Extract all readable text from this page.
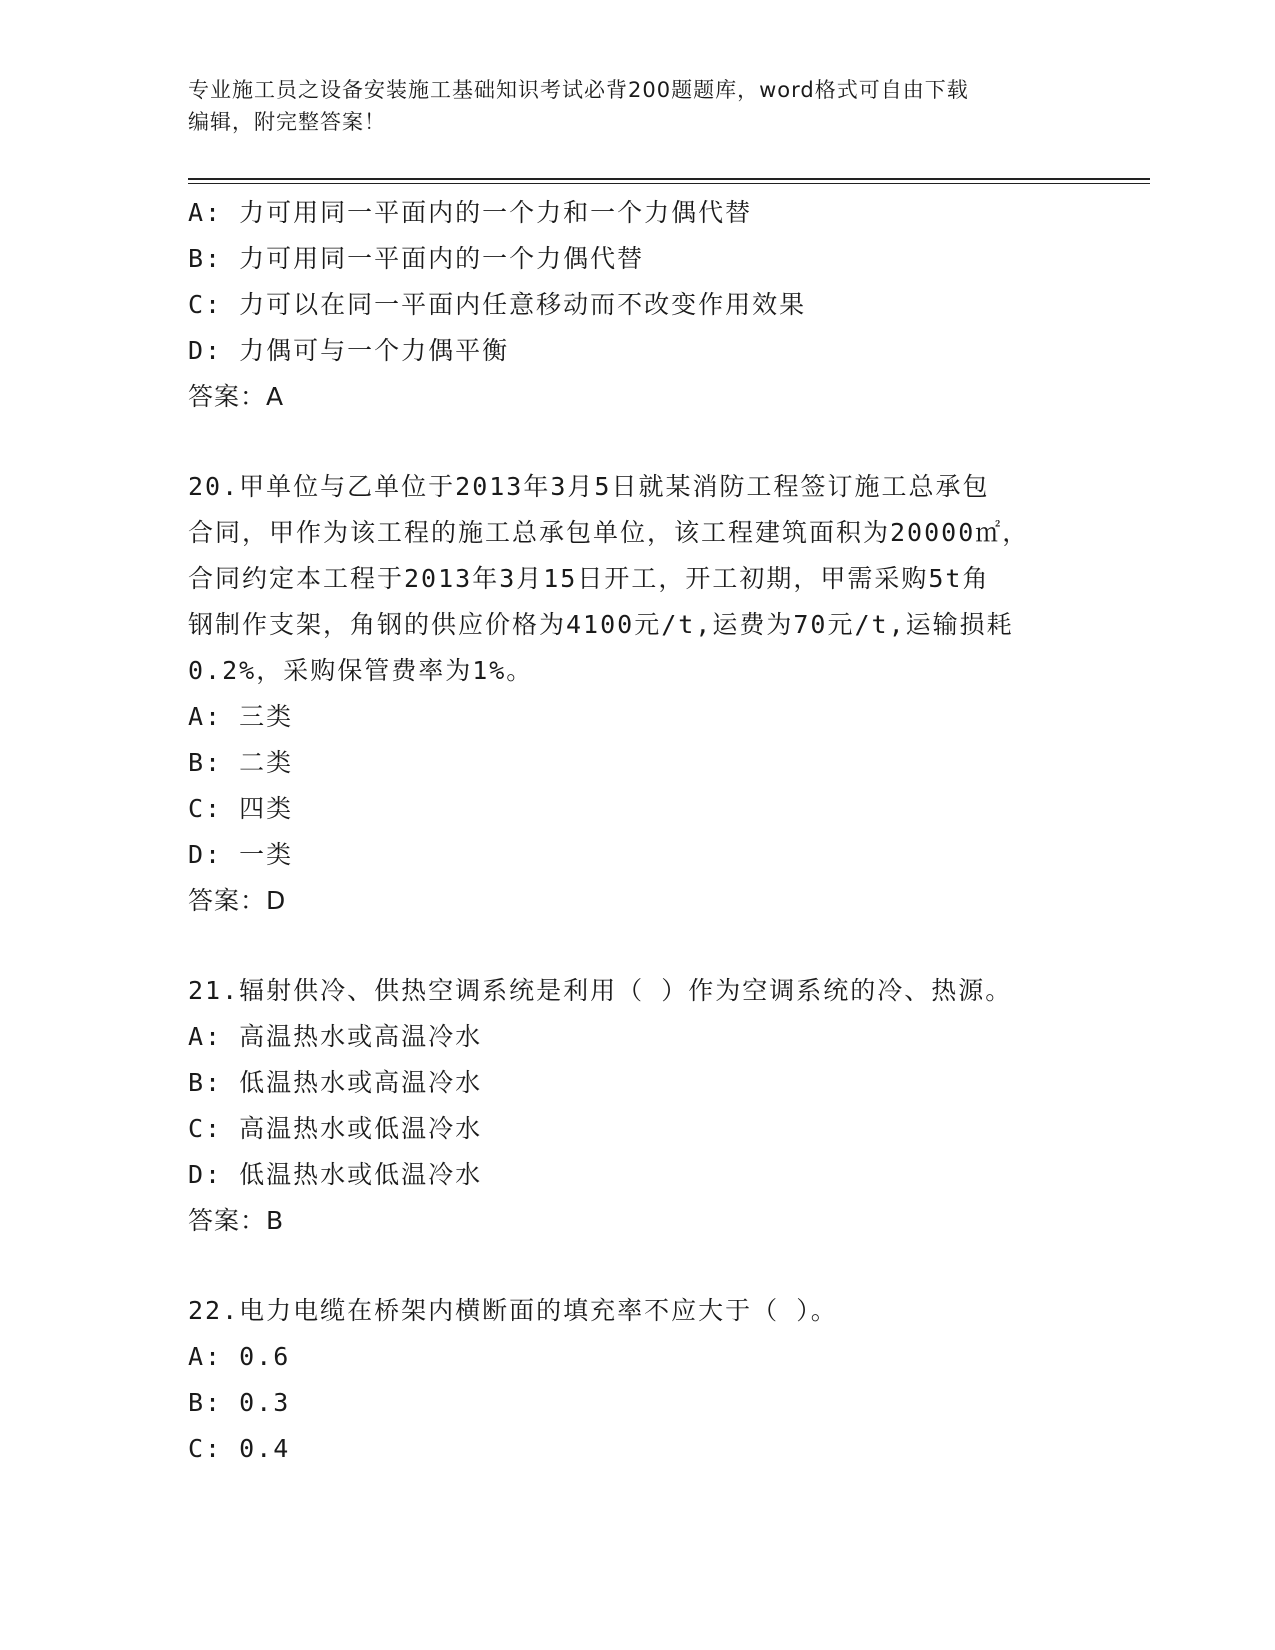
专业施工员之设备安装施工基础知识考试必背200题题库，word格式可自由下载
编辑，附完整答案！
A: 力可用同一平面内的一个力和一个力偶代替
B: 力可用同一平面内的一个力偶代替
C: 力可以在同一平面内任意移动而不改变作用效果
D: 力偶可与一个力偶平衡
答案：A
20.甲单位与乙单位于2013年3月5日就某消防工程签订施工总承包
合同，甲作为该工程的施工总承包单位，该工程建筑面积为20000㎡，
合同约定本工程于2013年3月15日开工，开工初期，甲需采购5t角
钢制作支架，角钢的供应价格为4100元/t,运费为70元/t,运输损耗
0.2%，采购保管费率为1%。
A: 三类
B: 二类
C: 四类
D: 一类
答案：D
21.辐射供冷、供热空调系统是利用（ ）作为空调系统的冷、热源。
A: 高温热水或高温冷水
B: 低温热水或高温冷水
C: 高温热水或低温冷水
D: 低温热水或低温冷水
答案：B
22.电力电缆在桥架内横断面的填充率不应大于（ ）。
A: 0.6
B: 0.3
C: 0.4
